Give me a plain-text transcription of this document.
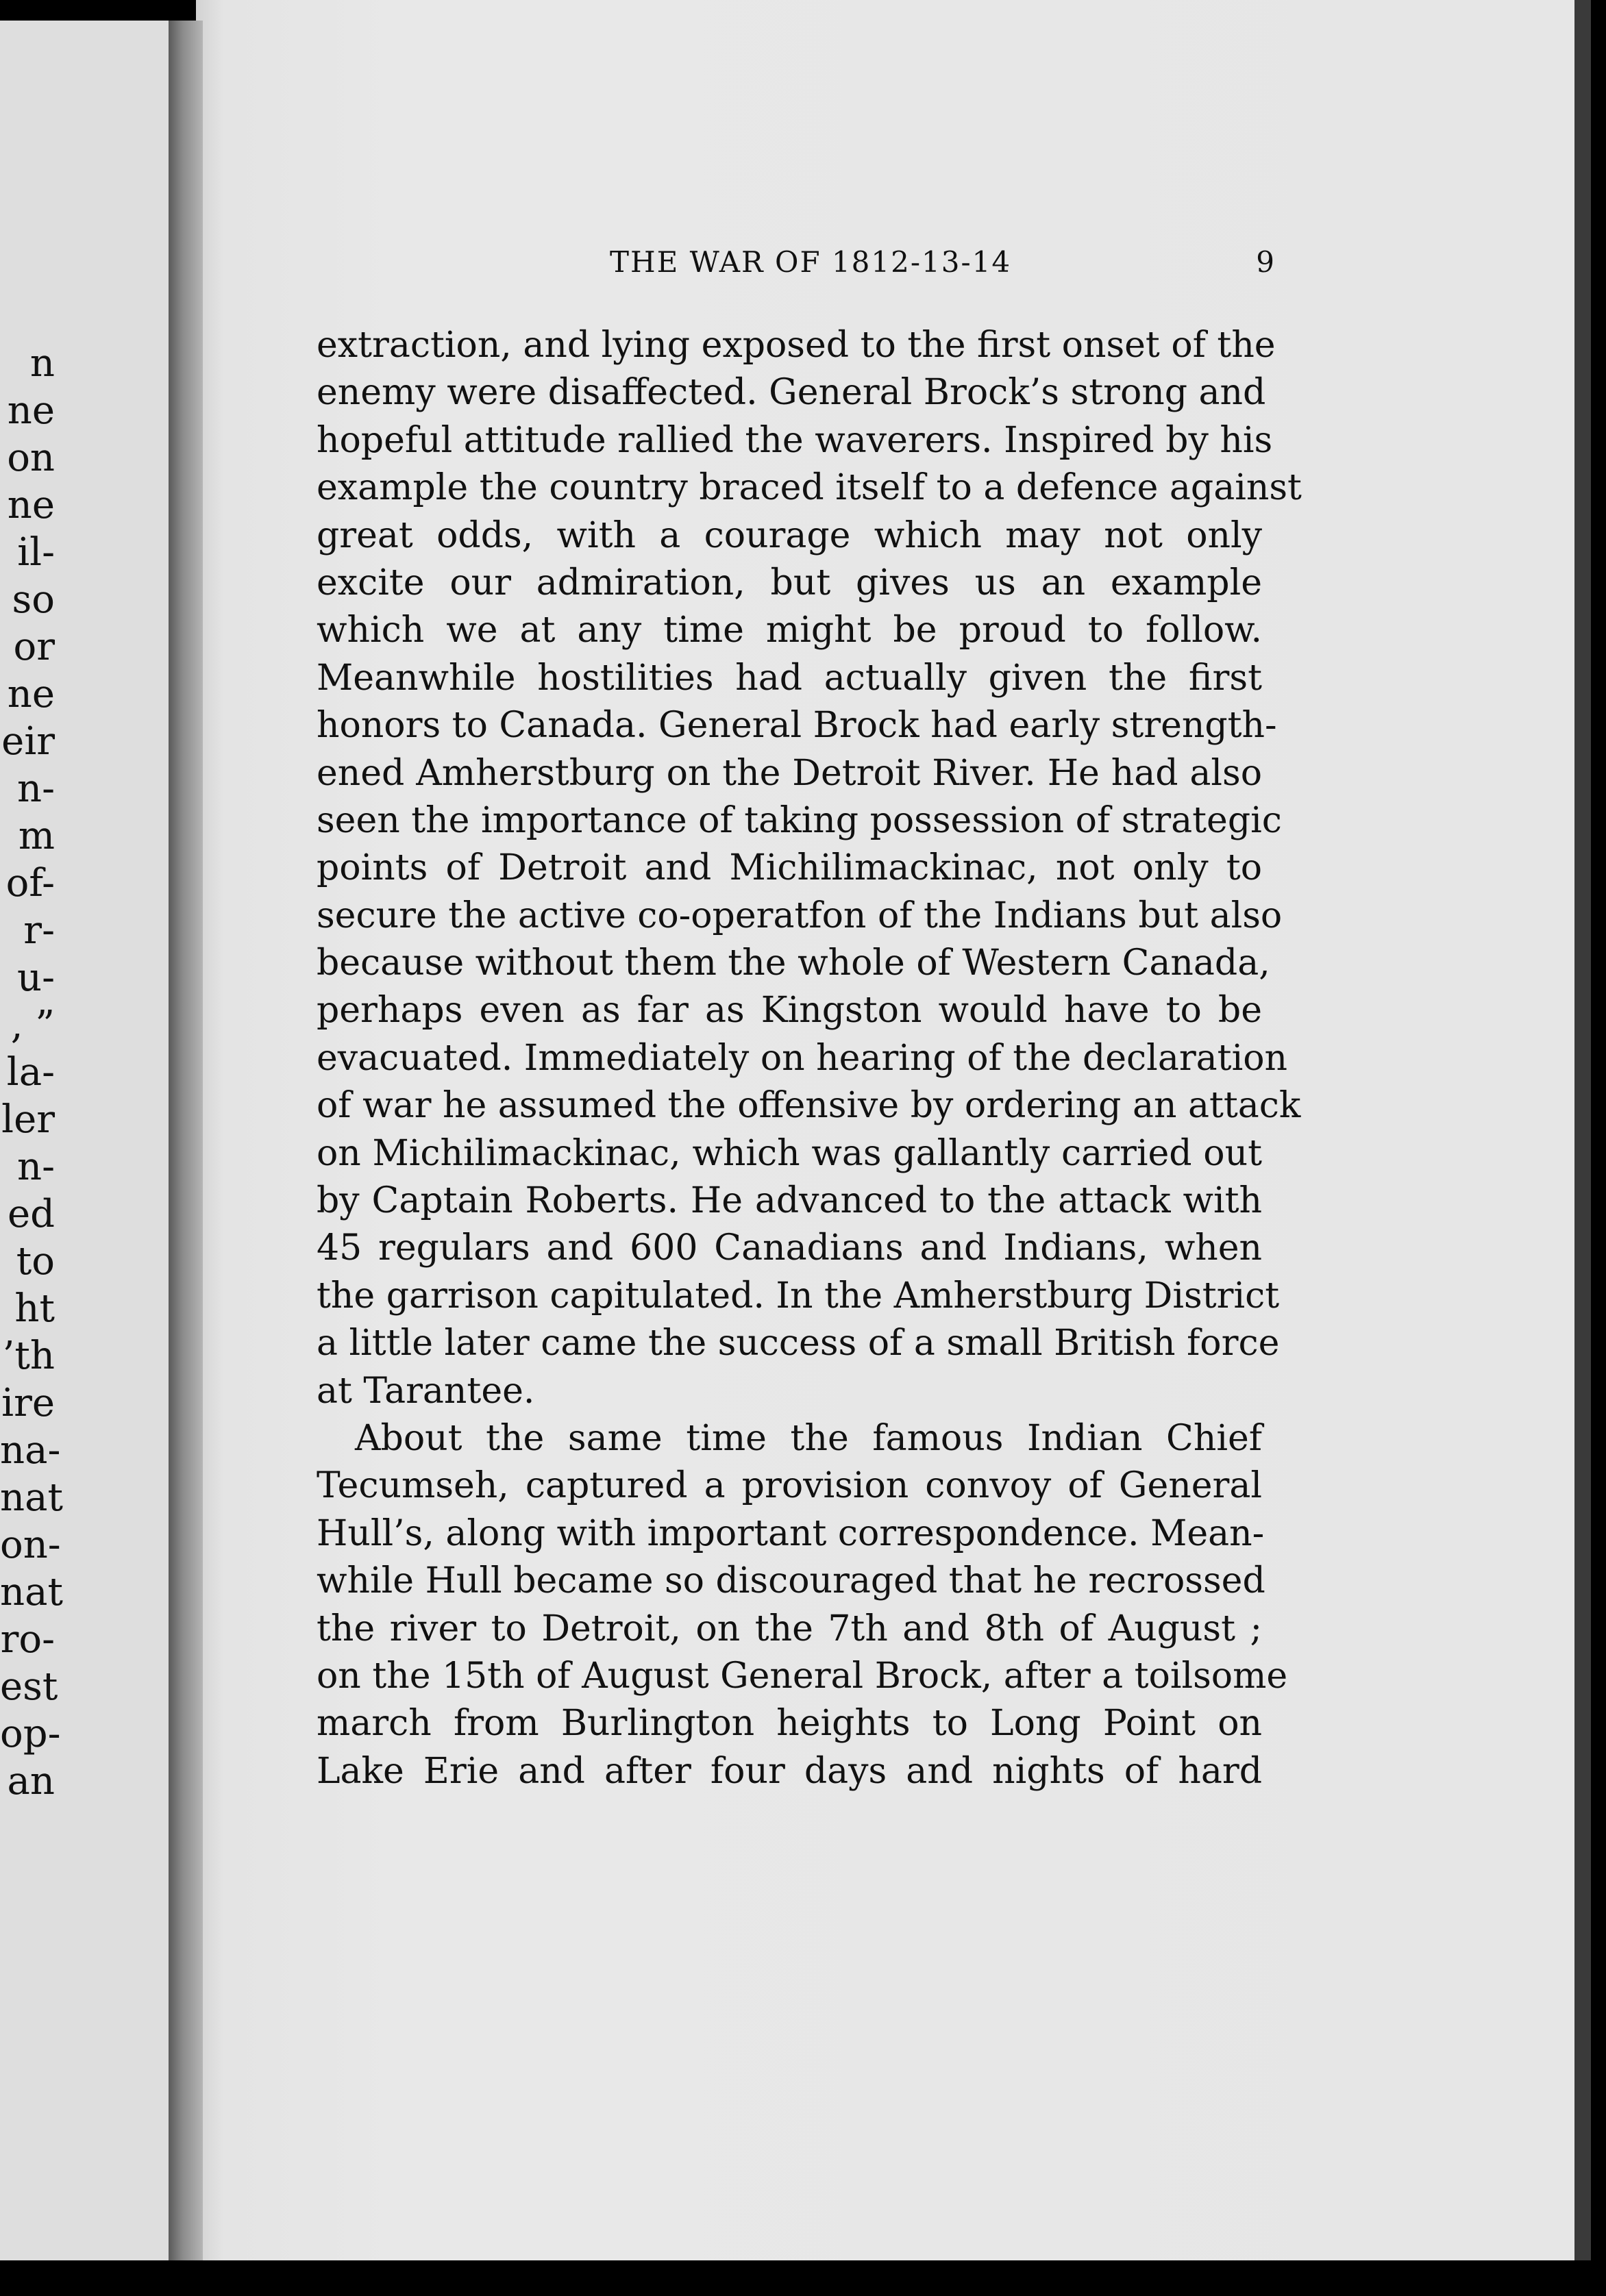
n
ne
on
ne
il-
so
or
ne
eir
n-
m
of-
r-
u-
, ”
la-
ler
n-
ed
to
ht
’th
ire
na-
nat
on-
nat
ro-
est
op-
an
THE WAR OF 1812-13-14	9
extraction, and lying exposed to the first onset of the
enemy were disaffected. General Brock’s strong and
hopeful attitude rallied the waverers. Inspired by his
example the country braced itself to a defence against
great odds, with a courage which may not only
excite our admiration, but gives us an example
which we at any time might be proud to follow.
Meanwhile hostilities had actually given the first
honors to Canada. General Brock had early strength-
ened Amherstburg on the Detroit River. He had also
seen the importance of taking possession of strategic
points of Detroit and Michilimackinac, not only to
secure the active co-operatfon of the Indians but also
because without them the whole of Western Canada,
perhaps even as far as Kingston would have to be
evacuated. Immediately on hearing of the declaration
of war he assumed the offensive by ordering an attack
on Michilimackinac, which was gallantly carried out
by Captain Roberts. He advanced to the attack with
45 regulars and 600 Canadians and Indians, when
the garrison capitulated. In the Amherstburg District
a little later came the success of a small British force
at Tarantee.
About the same time the famous Indian Chief
Tecumseh, captured a provision convoy of General
Hull’s, along with important correspondence. Mean-
while Hull became so discouraged that he recrossed
the river to Detroit, on the 7th and 8th of August ;
on the 15th of August General Brock, after a toilsome
march from Burlington heights to Long Point on
Lake Erie and after four days and nights of hard
